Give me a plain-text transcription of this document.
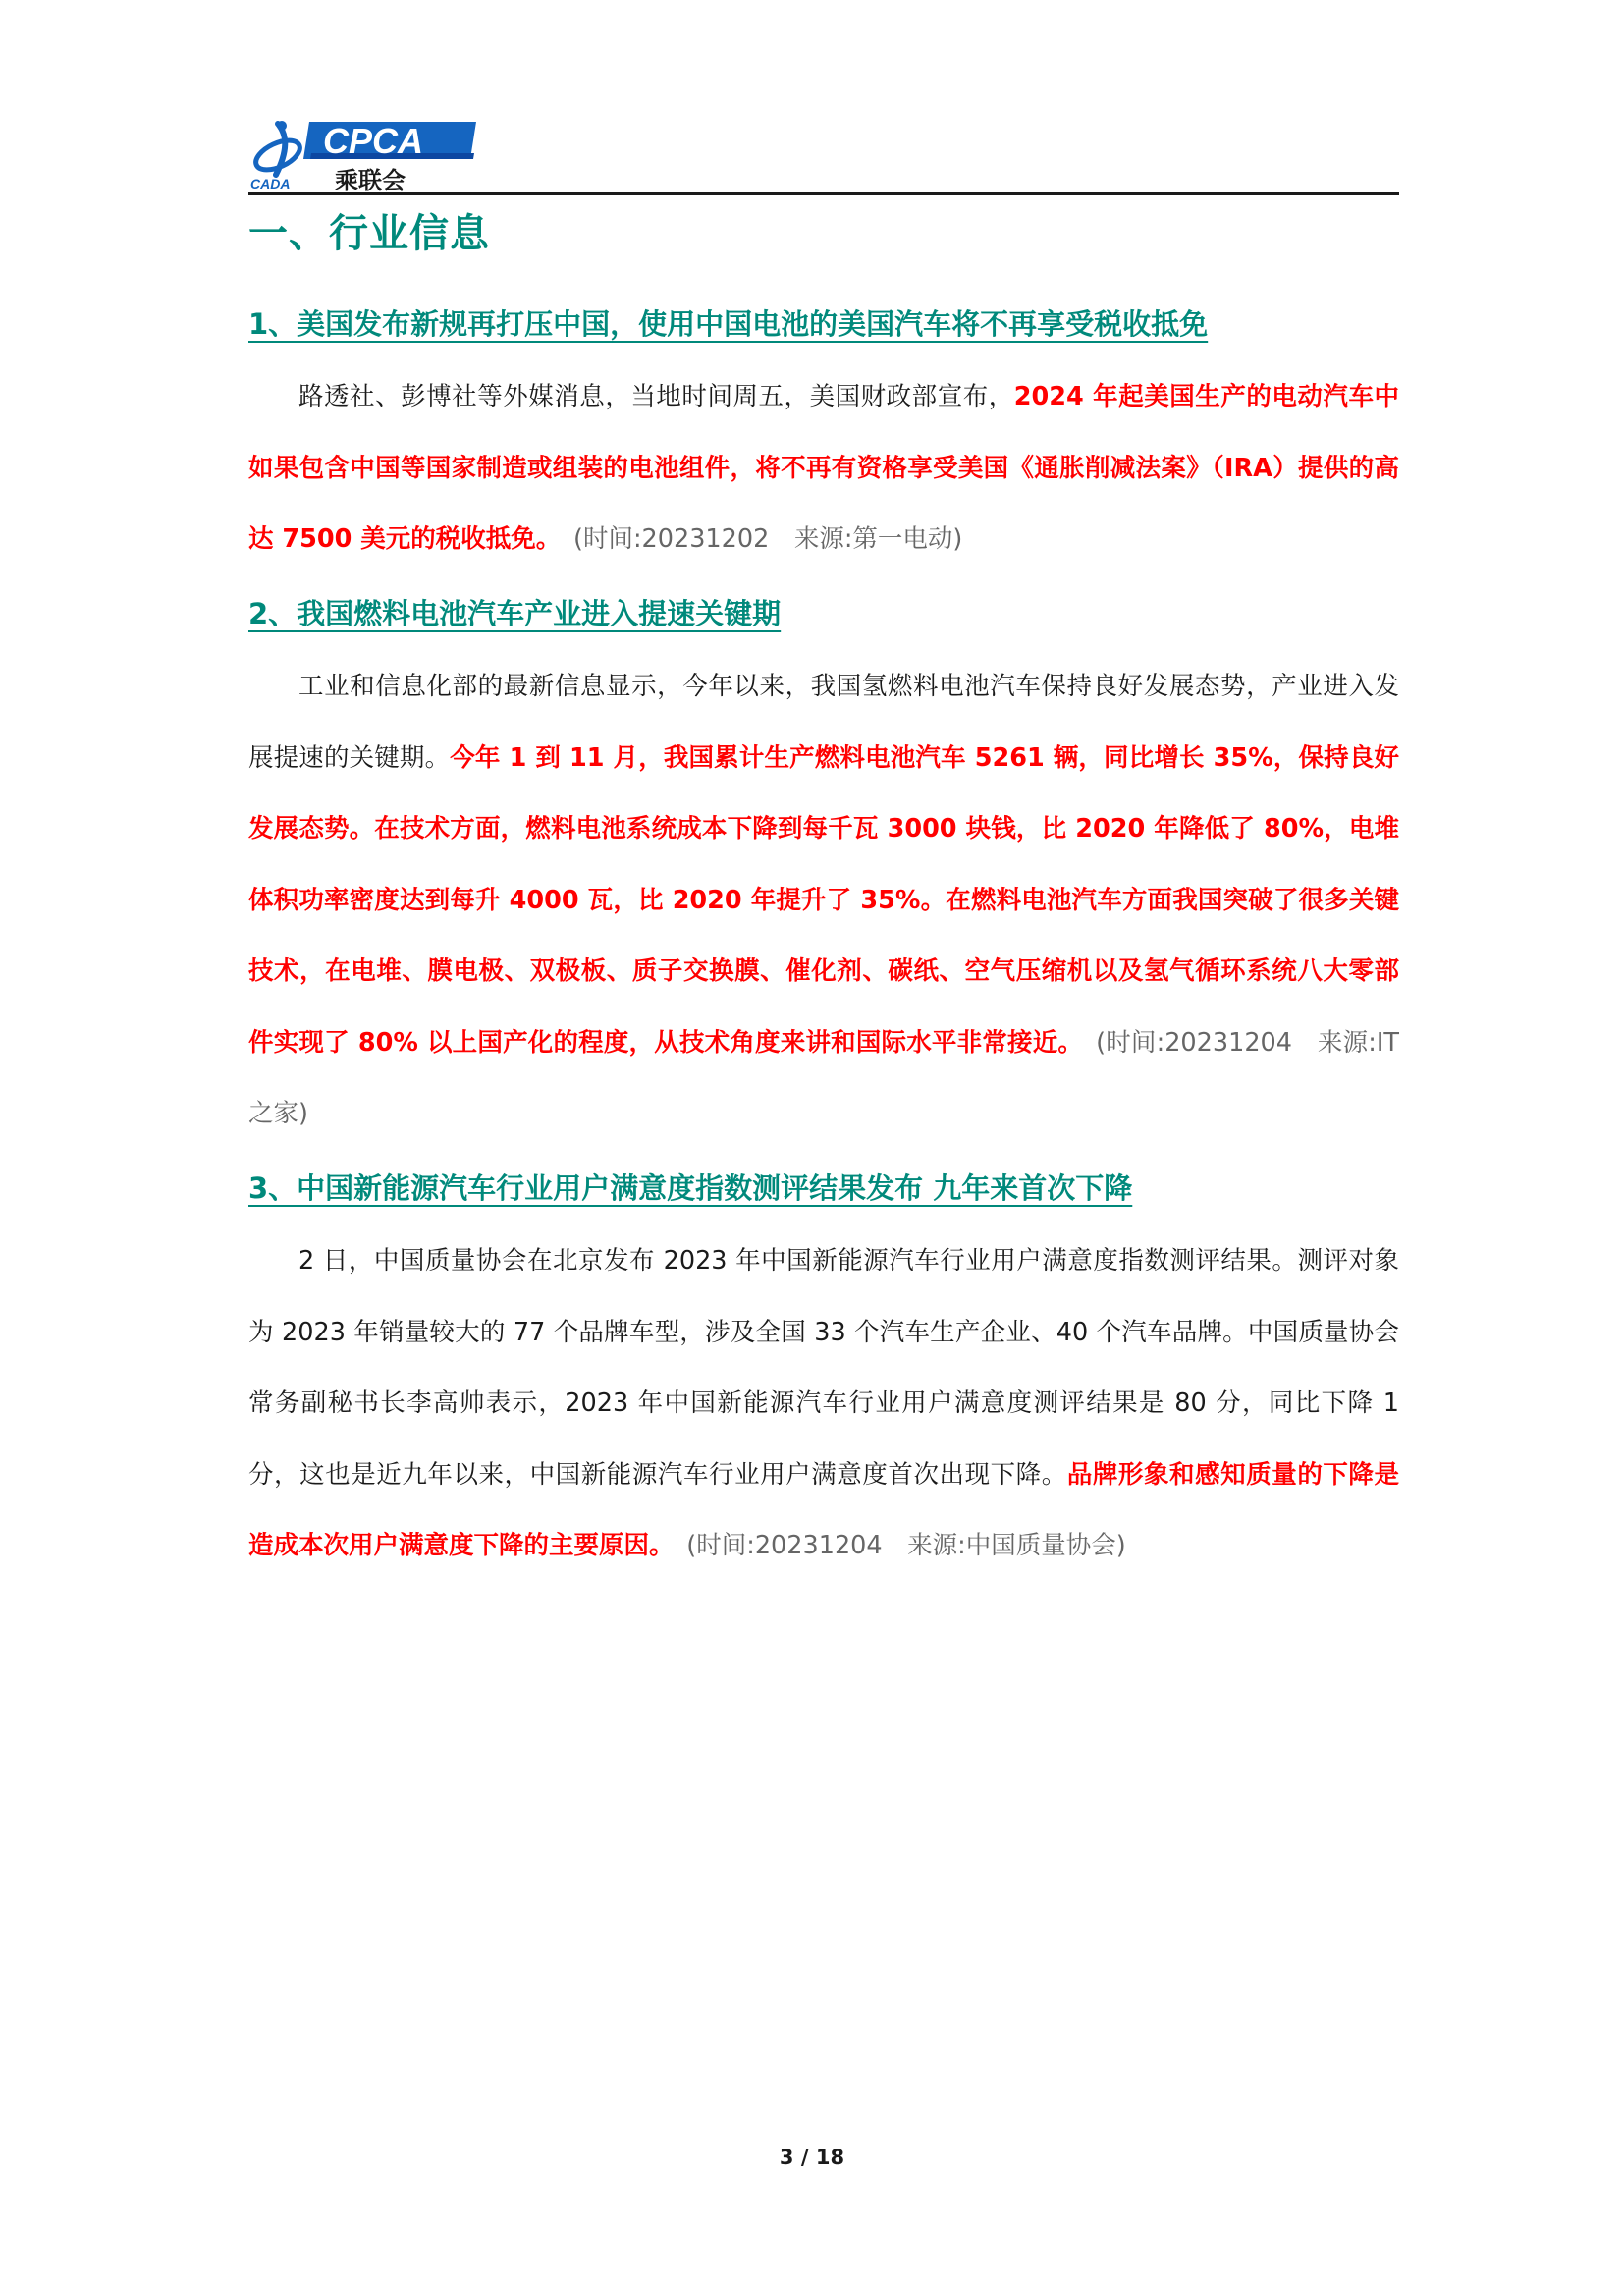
CPCA
乘联会
CADA
一、行业信息
1、美国发布新规再打压中国，使用中国电池的美国汽车将不再享受税收抵免

路透社、彭博社等外媒消息，当地时间周五，美国财政部宣布，2024 年起美国生产的电动汽车中如果包含中国等国家制造或组装的电池组件，将不再有资格享受美国《通胀削减法案》（IRA）提供的高达 7500 美元的税收抵免。　 (时间:20231202　来源:第一电动)

2、我国燃料电池汽车产业进入提速关键期

工业和信息化部的最新信息显示，今年以来，我国氢燃料电池汽车保持良好发展态势，产业进入发展提速的关键期。今年 1 到 11 月，我国累计生产燃料电池汽车 5261 辆，同比增长 35%，保持良好发展态势。在技术方面，燃料电池系统成本下降到每千瓦 3000 块钱，比 2020 年降低了 80%，电堆体积功率密度达到每升 4000 瓦，比 2020 年提升了 35%。在燃料电池汽车方面我国突破了很多关键技术，在电堆、膜电极、双极板、质子交换膜、催化剂、碳纸、空气压缩机以及氢气循环系统八大零部件实现了 80% 以上国产化的程度，从技术角度来讲和国际水平非常接近。　 (时间:20231204　来源:IT 之家)

3、中国新能源汽车行业用户满意度指数测评结果发布 九年来首次下降

2 日，中国质量协会在北京发布 2023 年中国新能源汽车行业用户满意度指数测评结果。测评对象为 2023 年销量较大的 77 个品牌车型，涉及全国 33 个汽车生产企业、40 个汽车品牌。中国质量协会常务副秘书长李高帅表示，2023 年中国新能源汽车行业用户满意度测评结果是 80 分，同比下降 1 分，这也是近九年以来，中国新能源汽车行业用户满意度首次出现下降。品牌形象和感知质量的下降是造成本次用户满意度下降的主要原因。　 (时间:20231204　来源:中国质量协会)

3 / 18
